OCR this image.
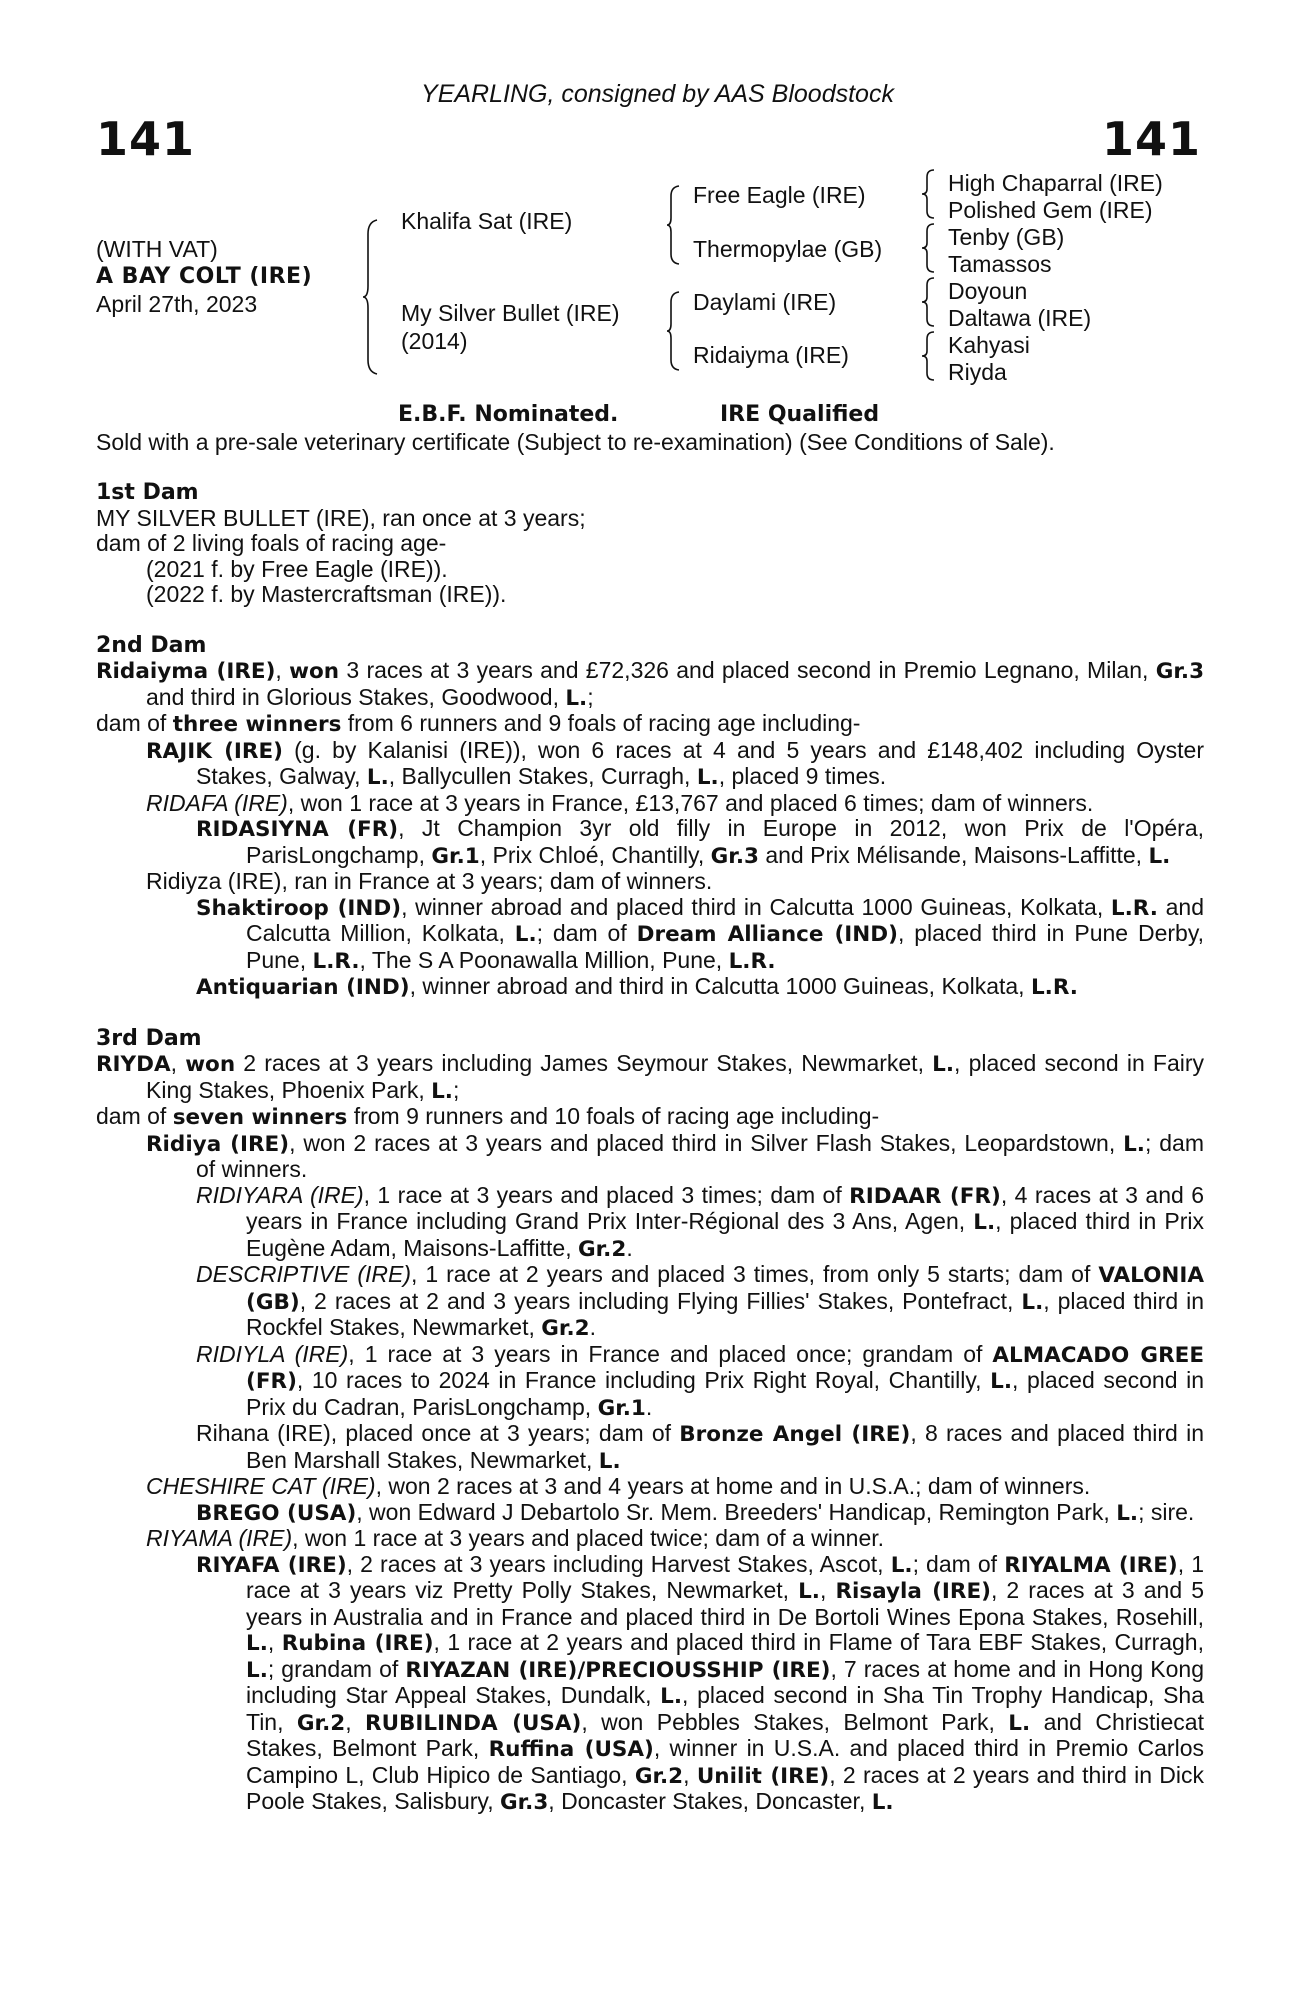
141	141
YEARLING, consigned by AAS Bloodstock
(WITH VAT)
A BAY COLT (IRE)
April 27th, 2023
Khalifa Sat (IRE)
My Silver Bullet (IRE)
(2014)
Free Eagle (IRE)
Thermopylae (GB)
Daylami (IRE)
Ridaiyma (IRE)
High Chaparral (IRE)
Polished Gem (IRE)
Tenby (GB)
Tamassos
Doyoun
Daltawa (IRE)
Kahyasi
Riyda
E.B.F. Nominated.	IRE Qualified
Sold with a pre-sale veterinary certificate (Subject to re-examination) (See Conditions of Sale).

1st Dam

MY SILVER BULLET (IRE), ran once at 3 years;

dam of 2 living foals of racing age-

(2021 f. by Free Eagle (IRE)).

(2022 f. by Mastercraftsman (IRE)).

2nd Dam

Ridaiyma (IRE), won 3 races at 3 years and £72,326 and placed second in Premio Legnano, Milan, Gr.3 and third in Glorious Stakes, Goodwood, L.;

dam of three winners from 6 runners and 9 foals of racing age including-

RAJIK (IRE) (g. by Kalanisi (IRE)), won 6 races at 4 and 5 years and £148,402 including Oyster Stakes, Galway, L., Ballycullen Stakes, Curragh, L., placed 9 times.

RIDAFA (IRE), won 1 race at 3 years in France, £13,767 and placed 6 times; dam of winners.

RIDASIYNA (FR), Jt Champion 3yr old filly in Europe in 2012, won Prix de l'Opéra, ParisLongchamp, Gr.1, Prix Chloé, Chantilly, Gr.3 and Prix Mélisande, Maisons-Laffitte, L.

Ridiyza (IRE), ran in France at 3 years; dam of winners.

Shaktiroop (IND), winner abroad and placed third in Calcutta 1000 Guineas, Kolkata, L.R. and Calcutta Million, Kolkata, L.; dam of Dream Alliance (IND), placed third in Pune Derby, Pune, L.R., The S A Poonawalla Million, Pune, L.R.

Antiquarian (IND), winner abroad and third in Calcutta 1000 Guineas, Kolkata, L.R.

3rd Dam

RIYDA, won 2 races at 3 years including James Seymour Stakes, Newmarket, L., placed second in Fairy King Stakes, Phoenix Park, L.;

dam of seven winners from 9 runners and 10 foals of racing age including-

Ridiya (IRE), won 2 races at 3 years and placed third in Silver Flash Stakes, Leopardstown, L.; dam of winners.

RIDIYARA (IRE), 1 race at 3 years and placed 3 times; dam of RIDAAR (FR), 4 races at 3 and 6 years in France including Grand Prix Inter-Régional des 3 Ans, Agen, L., placed third in Prix Eugène Adam, Maisons-Laffitte, Gr.2.

DESCRIPTIVE (IRE), 1 race at 2 years and placed 3 times, from only 5 starts; dam of VALONIA (GB), 2 races at 2 and 3 years including Flying Fillies' Stakes, Pontefract, L., placed third in Rockfel Stakes, Newmarket, Gr.2.

RIDIYLA (IRE), 1 race at 3 years in France and placed once; grandam of ALMACADO GREE (FR), 10 races to 2024 in France including Prix Right Royal, Chantilly, L., placed second in Prix du Cadran, ParisLongchamp, Gr.1.

Rihana (IRE), placed once at 3 years; dam of Bronze Angel (IRE), 8 races and placed third in Ben Marshall Stakes, Newmarket, L.

CHESHIRE CAT (IRE), won 2 races at 3 and 4 years at home and in U.S.A.; dam of winners.

BREGO (USA), won Edward J Debartolo Sr. Mem. Breeders' Handicap, Remington Park, L.; sire.

RIYAMA (IRE), won 1 race at 3 years and placed twice; dam of a winner.

RIYAFA (IRE), 2 races at 3 years including Harvest Stakes, Ascot, L.; dam of RIYALMA (IRE), 1 race at 3 years viz Pretty Polly Stakes, Newmarket, L., Risayla (IRE), 2 races at 3 and 5 years in Australia and in France and placed third in De Bortoli Wines Epona Stakes, Rosehill, L., Rubina (IRE), 1 race at 2 years and placed third in Flame of Tara EBF Stakes, Curragh, L.; grandam of RIYAZAN (IRE)/PRECIOUSSHIP (IRE), 7 races at home and in Hong Kong including Star Appeal Stakes, Dundalk, L., placed second in Sha Tin Trophy Handicap, Sha Tin, Gr.2, RUBILINDA (USA), won Pebbles Stakes, Belmont Park, L. and Christiecat Stakes, Belmont Park, Ruffina (USA), winner in U.S.A. and placed third in Premio Carlos Campino L, Club Hipico de Santiago, Gr.2, Unilit (IRE), 2 races at 2 years and third in Dick Poole Stakes, Salisbury, Gr.3, Doncaster Stakes, Doncaster, L.
